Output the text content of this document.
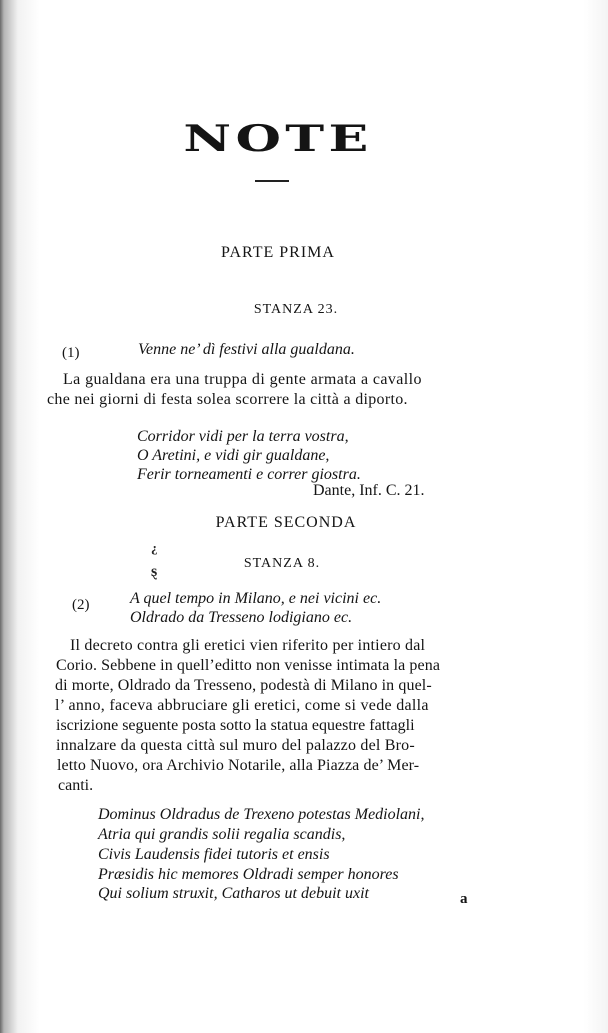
NOTE
PARTE PRIMA
STANZA 23.
(1)	Venne ne’ dì festivi alla gualdana.
La gualdana era una truppa di gente armata a cavallo
che nei giorni di festa solea scorrere la città a diporto.
Corridor vidi per la terra vostra,
O Aretini, e vidi gir gualdane,
Ferir torneamenti e correr giostra.
Dante, Inf. C. 21.
PARTE SECONDA
¿
ȿ	STANZA 8.
(2)	A quel tempo in Milano, e nei vicini ec.
Oldrado da Tresseno lodigiano ec.
Il decreto contra gli eretici vien riferito per intiero dal
Corio. Sebbene in quell’editto non venisse intimata la pena
di morte, Oldrado da Tresseno, podestà di Milano in quel-
l’ anno, faceva abbruciare gli eretici, come si vede dalla
iscrizione seguente posta sotto la statua equestre fattagli
innalzare da questa città sul muro del palazzo del Bro-
letto Nuovo, ora Archivio Notarile, alla Piazza de’ Mer-
canti.
Dominus Oldradus de Trexeno potestas Mediolani,
Atria qui grandis solii regalia scandis,
Civis Laudensis fidei tutoris et ensis
Præsidis hic memores Oldradi semper honores
Qui solium struxit, Catharos ut debuit uxit	a
